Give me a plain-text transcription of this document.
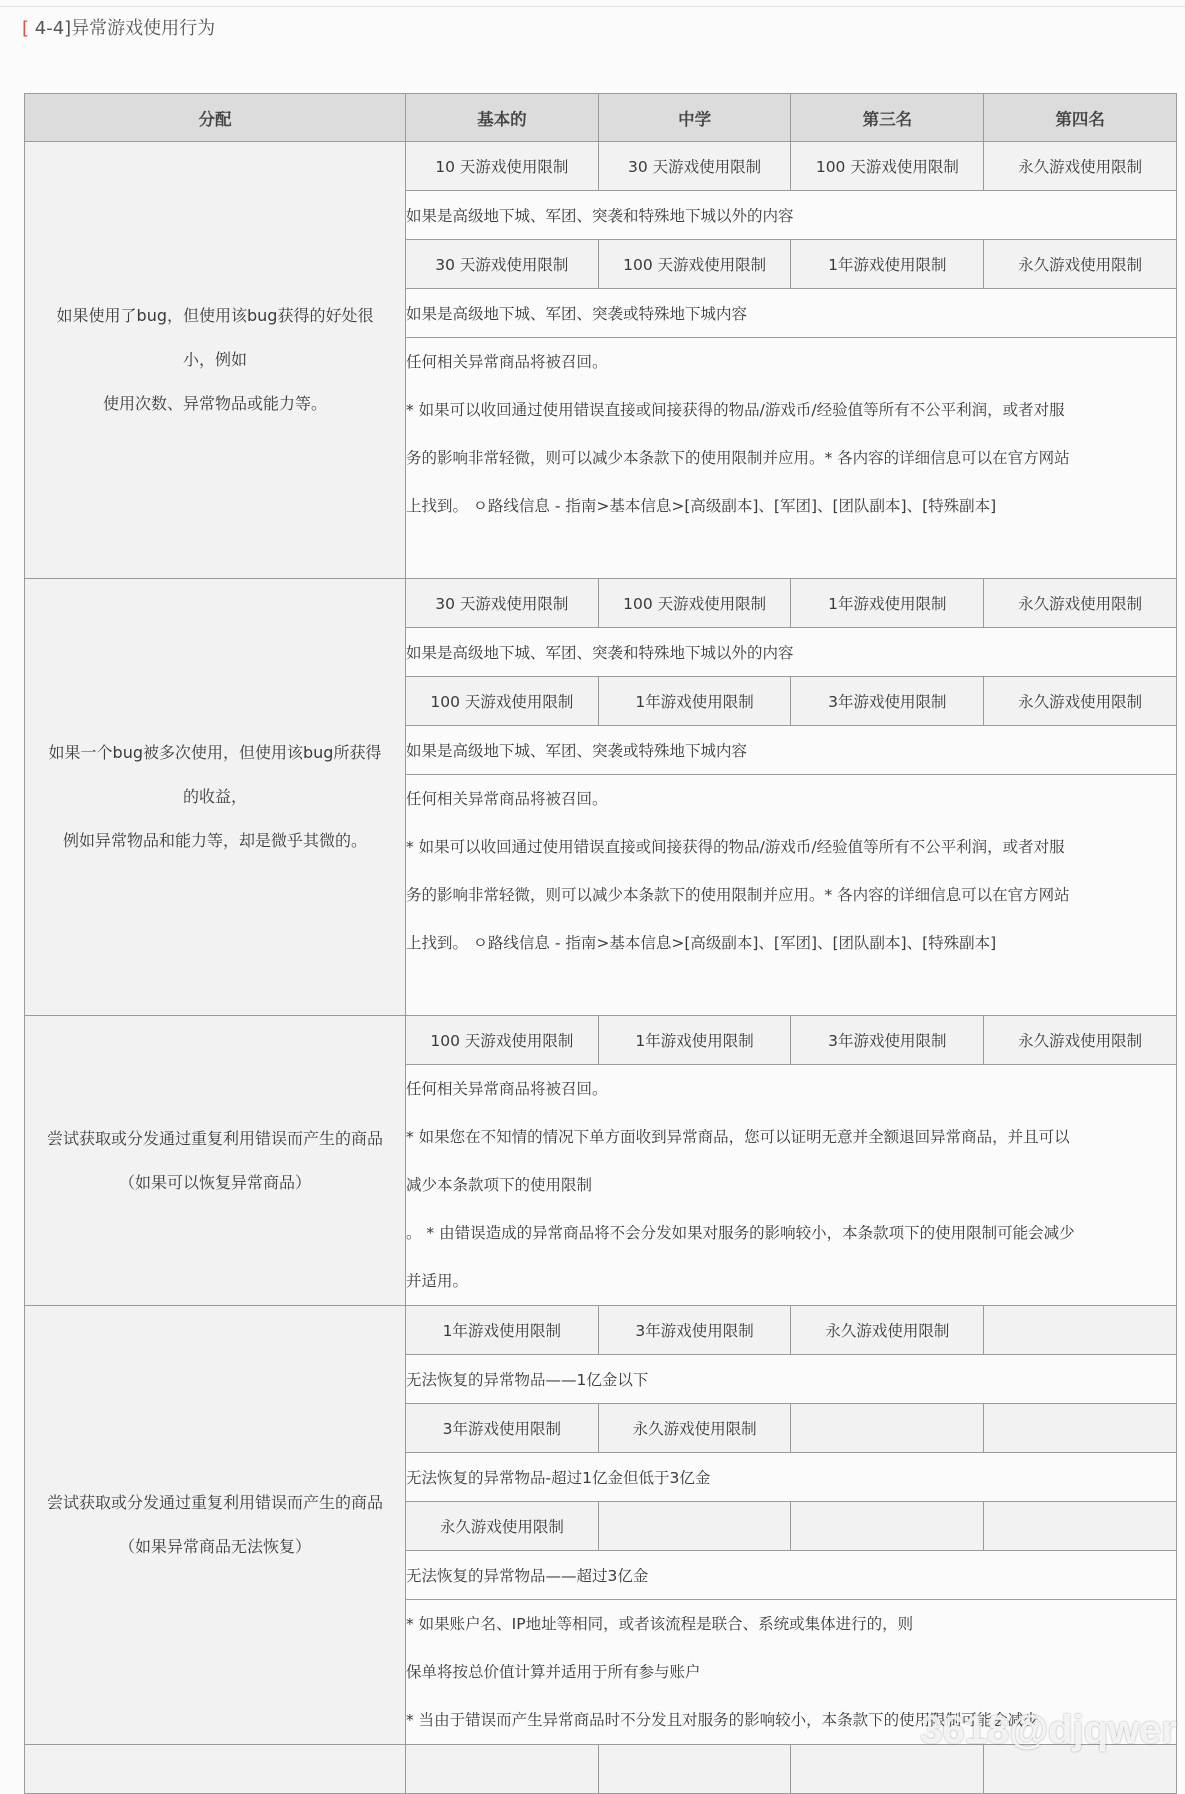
[ 4-4]异常游戏使用行为
分配	基本的	中学	第三名	第四名

如果使用了bug，但使用该bug获得的好处很
小，例如
使用次数、异常物品或能力等。	10 天游戏使用限制	30 天游戏使用限制	100 天游戏使用限制	永久游戏使用限制
	如果是高级地下城、军团、突袭和特殊地下城以外的内容			
	30 天游戏使用限制	100 天游戏使用限制	1年游戏使用限制	永久游戏使用限制
	如果是高级地下城、军团、突袭或特殊地下城内容			

	任何相关异常商品将被召回。
* 如果可以收回通过使用错误直接或间接获得的物品/游戏币/经验值等所有不公平利润，或者对服
务的影响非常轻微，则可以减少本条款下的使用限制并应用。* 各内容的详细信息可以在官方网站
上找到。 ㅇ路线信息 - 指南>基本信息>[高级副本]、[军团]、[团队副本]、[特殊副本]			

如果一个bug被多次使用，但使用该bug所获得
的收益，
例如异常物品和能力等，却是微乎其微的。	30 天游戏使用限制	100 天游戏使用限制	1年游戏使用限制	永久游戏使用限制
	如果是高级地下城、军团、突袭和特殊地下城以外的内容			
	100 天游戏使用限制	1年游戏使用限制	3年游戏使用限制	永久游戏使用限制
	如果是高级地下城、军团、突袭或特殊地下城内容			

	任何相关异常商品将被召回。
* 如果可以收回通过使用错误直接或间接获得的物品/游戏币/经验值等所有不公平利润，或者对服
务的影响非常轻微，则可以减少本条款下的使用限制并应用。* 各内容的详细信息可以在官方网站
上找到。 ㅇ路线信息 - 指南>基本信息>[高级副本]、[军团]、[团队副本]、[特殊副本]			

尝试获取或分发通过重复利用错误而产生的商品
（如果可以恢复异常商品）	100 天游戏使用限制	1年游戏使用限制	3年游戏使用限制	永久游戏使用限制

	任何相关异常商品将被召回。
* 如果您在不知情的情况下单方面收到异常商品，您可以证明无意并全额退回异常商品，并且可以
减少本条款项下的使用限制
。 * 由错误造成的异常商品将不会分发如果对服务的影响较小，本条款项下的使用限制可能会减少
并适用。			

尝试获取或分发通过重复利用错误而产生的商品
（如果异常商品无法恢复）	1年游戏使用限制	3年游戏使用限制	永久游戏使用限制	
	无法恢复的异常物品——1亿金以下			
	3年游戏使用限制	永久游戏使用限制		
	无法恢复的异常物品-超过1亿金但低于3亿金			
	永久游戏使用限制			
	无法恢复的异常物品——超过3亿金			

	* 如果账户名、IP地址等相同，或者该流程是联合、系统或集体进行的，则
保单将按总价值计算并适用于所有参与账户
* 当由于错误而产生异常商品时不分发且对服务的影响较小，本条款下的使用限制可能会减少			

3618@djqwer
